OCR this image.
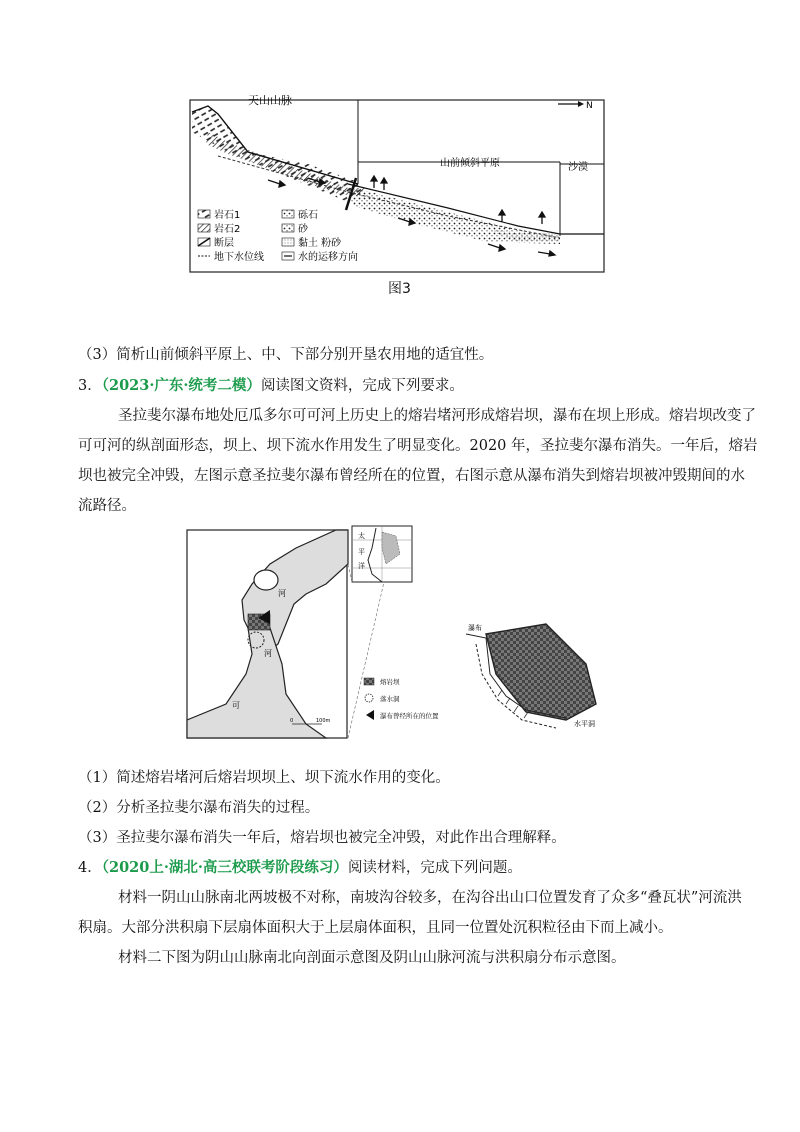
天山山脉
山前倾斜平原	沙漠
N
岩石1
岩石2
断层
地下水位线
砾石
砂
黏土 粉砂
水的运移方向
图3
（3）简析山前倾斜平原上、中、下部分别开垦农用地的适宜性。
3．（2023·广东·统考二模）阅读图文资料，完成下列要求。
圣拉斐尔瀑布地处厄瓜多尔可可河上历史上的熔岩堵河形成熔岩坝，瀑布在坝上形成。熔岩坝改变了
可可河的纵剖面形态，坝上、坝下流水作用发生了明显变化。2020 年，圣拉斐尔瀑布消失。一年后，熔岩
坝也被完全冲毁，左图示意圣拉斐尔瀑布曾经所在的位置，右图示意从瀑布消失到熔岩坝被冲毁期间的水
流路径。
河
河
可
0	100m
太
平
洋
熔岩坝
落水洞
瀑布曾经所在的位置
瀑布
水平洞
（1）简述熔岩堵河后熔岩坝坝上、坝下流水作用的变化。
（2）分析圣拉斐尔瀑布消失的过程。
（3）圣拉斐尔瀑布消失一年后，熔岩坝也被完全冲毁，对此作出合理解释。
4．（2020上·湖北·高三校联考阶段练习）阅读材料，完成下列问题。
材料一阴山山脉南北两坡极不对称，南坡沟谷较多，在沟谷出山口位置发育了众多“叠瓦状”河流洪
积扇。大部分洪积扇下层扇体面积大于上层扇体面积，且同一位置处沉积粒径由下而上减小。
材料二下图为阴山山脉南北向剖面示意图及阴山山脉河流与洪积扇分布示意图。
